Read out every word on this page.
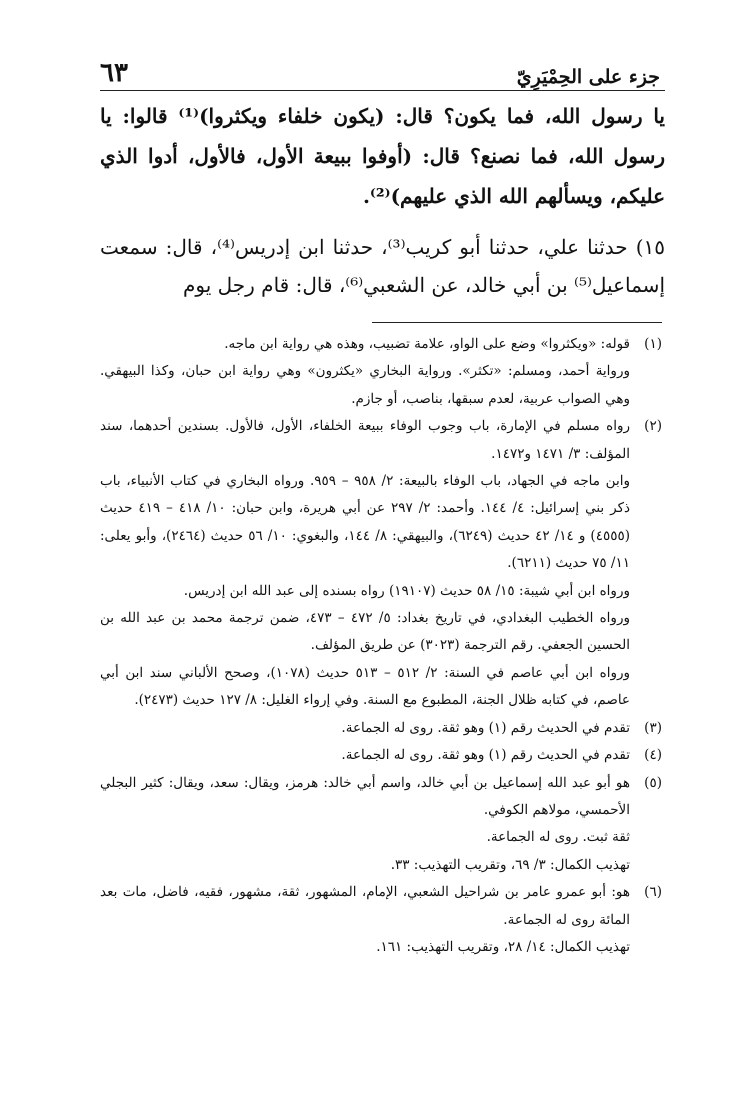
جزء على الحِمْيَرِيّ
٦٣

يا رسول الله، فما يكون؟ قال: (يكون خلفاء ويكثروا)⁽¹⁾ قالوا: يا رسول الله، فما نصنع؟ قال: (أوفوا ببيعة الأول، فالأول، أدوا الذي عليكم، ويسألهم الله الذي عليهم)⁽²⁾.

١٥) حدثنا علي، حدثنا أبو كريب⁽³⁾، حدثنا ابن إدريس⁽⁴⁾، قال: سمعت إسماعيل⁽⁵⁾ بن أبي خالد، عن الشعبي⁽⁶⁾، قال: قام رجل يوم

(١)

قوله: «ويكثروا» وضع على الواو، علامة تضبيب، وهذه هي رواية ابن ماجه.

ورواية أحمد، ومسلم: «تكثر». ورواية البخاري «يكثرون» وهي رواية ابن حبان، وكذا البيهقي. وهي الصواب عربية، لعدم سبقها، بناصب، أو جازم.

(٢)

رواه مسلم في الإمارة، باب وجوب الوفاء ببيعة الخلفاء، الأول، فالأول. بسندين أحدهما، سند المؤلف: ٣/ ١٤٧١ و١٤٧٢.

وابن ماجه في الجهاد، باب الوفاء بالبيعة: ٢/ ٩٥٨ – ٩٥٩. ورواه البخاري في كتاب الأنبياء، باب ذكر بني إسرائيل: ٤/ ١٤٤. وأحمد: ٢/ ٢٩٧ عن أبي هريرة، وابن حبان: ١٠/ ٤١٨ – ٤١٩ حديث (٤٥٥٥) و ١٤/ ٤٢ حديث (٦٢٤٩)، والبيهقي: ٨/ ١٤٤، والبغوي: ١٠/ ٥٦ حديث (٢٤٦٤)، وأبو يعلى: ١١/ ٧٥ حديث (٦٢١١).

ورواه ابن أبي شيبة: ١٥/ ٥٨ حديث (١٩١٠٧) رواه بسنده إلى عبد الله ابن إدريس.

ورواه الخطيب البغدادي، في تاريخ بغداد: ٥/ ٤٧٢ – ٤٧٣، ضمن ترجمة محمد بن عبد الله بن الحسين الجعفي. رقم الترجمة (٣٠٢٣) عن طريق المؤلف.

ورواه ابن أبي عاصم في السنة: ٢/ ٥١٢ – ٥١٣ حديث (١٠٧٨)، وصحح الألباني سند ابن أبي عاصم، في كتابه ظلال الجنة، المطبوع مع السنة. وفي إرواء الغليل: ٨/ ١٢٧ حديث (٢٤٧٣).

(٣)

تقدم في الحديث رقم (١) وهو ثقة. روى له الجماعة.

(٤)

تقدم في الحديث رقم (١) وهو ثقة. روى له الجماعة.

(٥)

هو أبو عبد الله إسماعيل بن أبي خالد، واسم أبي خالد: هرمز، ويقال: سعد، ويقال: كثير البجلي الأحمسي، مولاهم الكوفي.

ثقة ثبت. روى له الجماعة.

تهذيب الكمال: ٣/ ٦٩، وتقريب التهذيب: ٣٣.

(٦)

هو: أبو عمرو عامر بن شراحيل الشعبي، الإمام، المشهور، ثقة، مشهور، فقيه، فاضل، مات بعد المائة روى له الجماعة.

تهذيب الكمال: ١٤/ ٢٨، وتقريب التهذيب: ١٦١.
